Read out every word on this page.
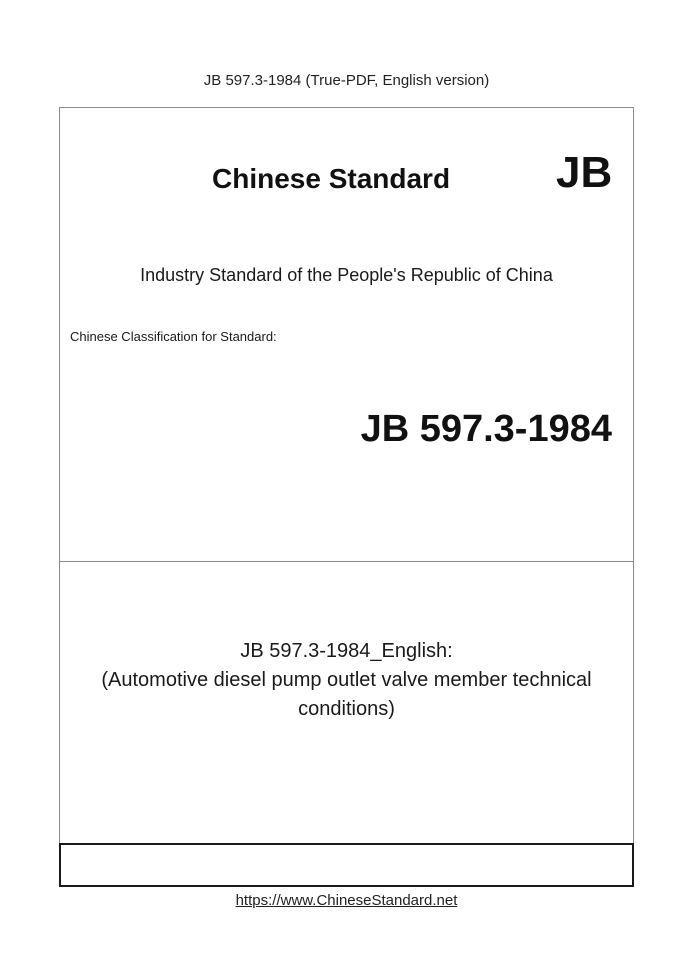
JB 597.3-1984 (True-PDF, English version)
Chinese Standard JB
Industry Standard of the People's Republic of China
Chinese Classification for Standard:
JB 597.3-1984
JB 597.3-1984_English:
(Automotive diesel pump outlet valve member technical
conditions)
https://www.ChineseStandard.net
